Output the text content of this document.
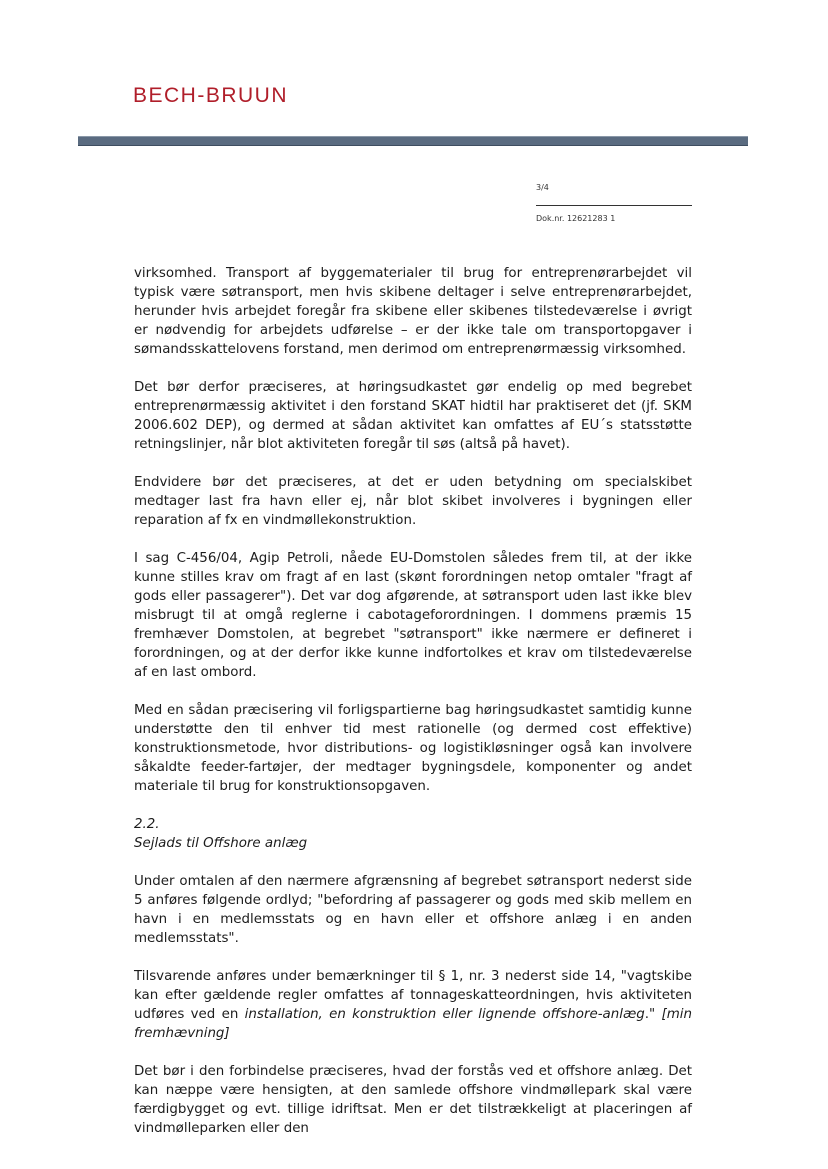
BECH-BRUUN
3/4
Dok.nr. 12621283 1

virksomhed. Transport af byggematerialer til brug for entreprenørarbejdet vil typisk være søtransport, men hvis skibene deltager i selve entreprenørarbejdet, herunder hvis arbejdet foregår fra skibene eller skibenes tilstedeværelse i øvrigt er nødvendig for arbejdets udførelse – er der ikke tale om transportopgaver i sømandsskattelovens forstand, men derimod om entreprenørmæssig virksomhed.

Det bør derfor præciseres, at høringsudkastet gør endelig op med begrebet entreprenørmæssig aktivitet i den forstand SKAT hidtil har praktiseret det (jf. SKM 2006.602 DEP), og dermed at sådan aktivitet kan omfattes af EU´s statsstøtte retningslinjer, når blot aktiviteten foregår til søs (altså på havet).

Endvidere bør det præciseres, at det er uden betydning om specialskibet medtager last fra havn eller ej, når blot skibet involveres i bygningen eller reparation af fx en vindmøllekonstruktion.

I sag C-456/04, Agip Petroli, nåede EU-Domstolen således frem til, at der ikke kunne stilles krav om fragt af en last (skønt forordningen netop omtaler "fragt af gods eller passagerer"). Det var dog afgørende, at søtransport uden last ikke blev misbrugt til at omgå reglerne i cabotageforordningen. I dommens præmis 15 fremhæver Domstolen, at begrebet "søtransport" ikke nærmere er defineret i forordningen, og at der derfor ikke kunne indfortolkes et krav om tilstedeværelse af en last ombord.

Med en sådan præcisering vil forligspartierne bag høringsudkastet samtidig kunne understøtte den til enhver tid mest rationelle (og dermed cost effektive) konstruktionsmetode, hvor distributions- og logistikløsninger også kan involvere såkaldte feeder-fartøjer, der medtager bygningsdele, komponenter og andet materiale til brug for konstruktionsopgaven.

2.2.
Sejlads til Offshore anlæg

Under omtalen af den nærmere afgrænsning af begrebet søtransport nederst side 5 anføres følgende ordlyd; "befordring af passagerer og gods med skib mellem en havn i en medlemsstats og en havn eller et offshore anlæg i en anden medlemsstats".

Tilsvarende anføres under bemærkninger til § 1, nr. 3 nederst side 14, "vagtskibe kan efter gældende regler omfattes af tonnageskatteordningen, hvis aktiviteten udføres ved en installation, en konstruktion eller lignende offshore-anlæg." [min fremhævning]

Det bør i den forbindelse præciseres, hvad der forstås ved et offshore anlæg. Det kan næppe være hensigten, at den samlede offshore vindmøllepark skal være færdigbygget og evt. tillige idriftsat. Men er det tilstrækkeligt at placeringen af vindmølleparken eller den
